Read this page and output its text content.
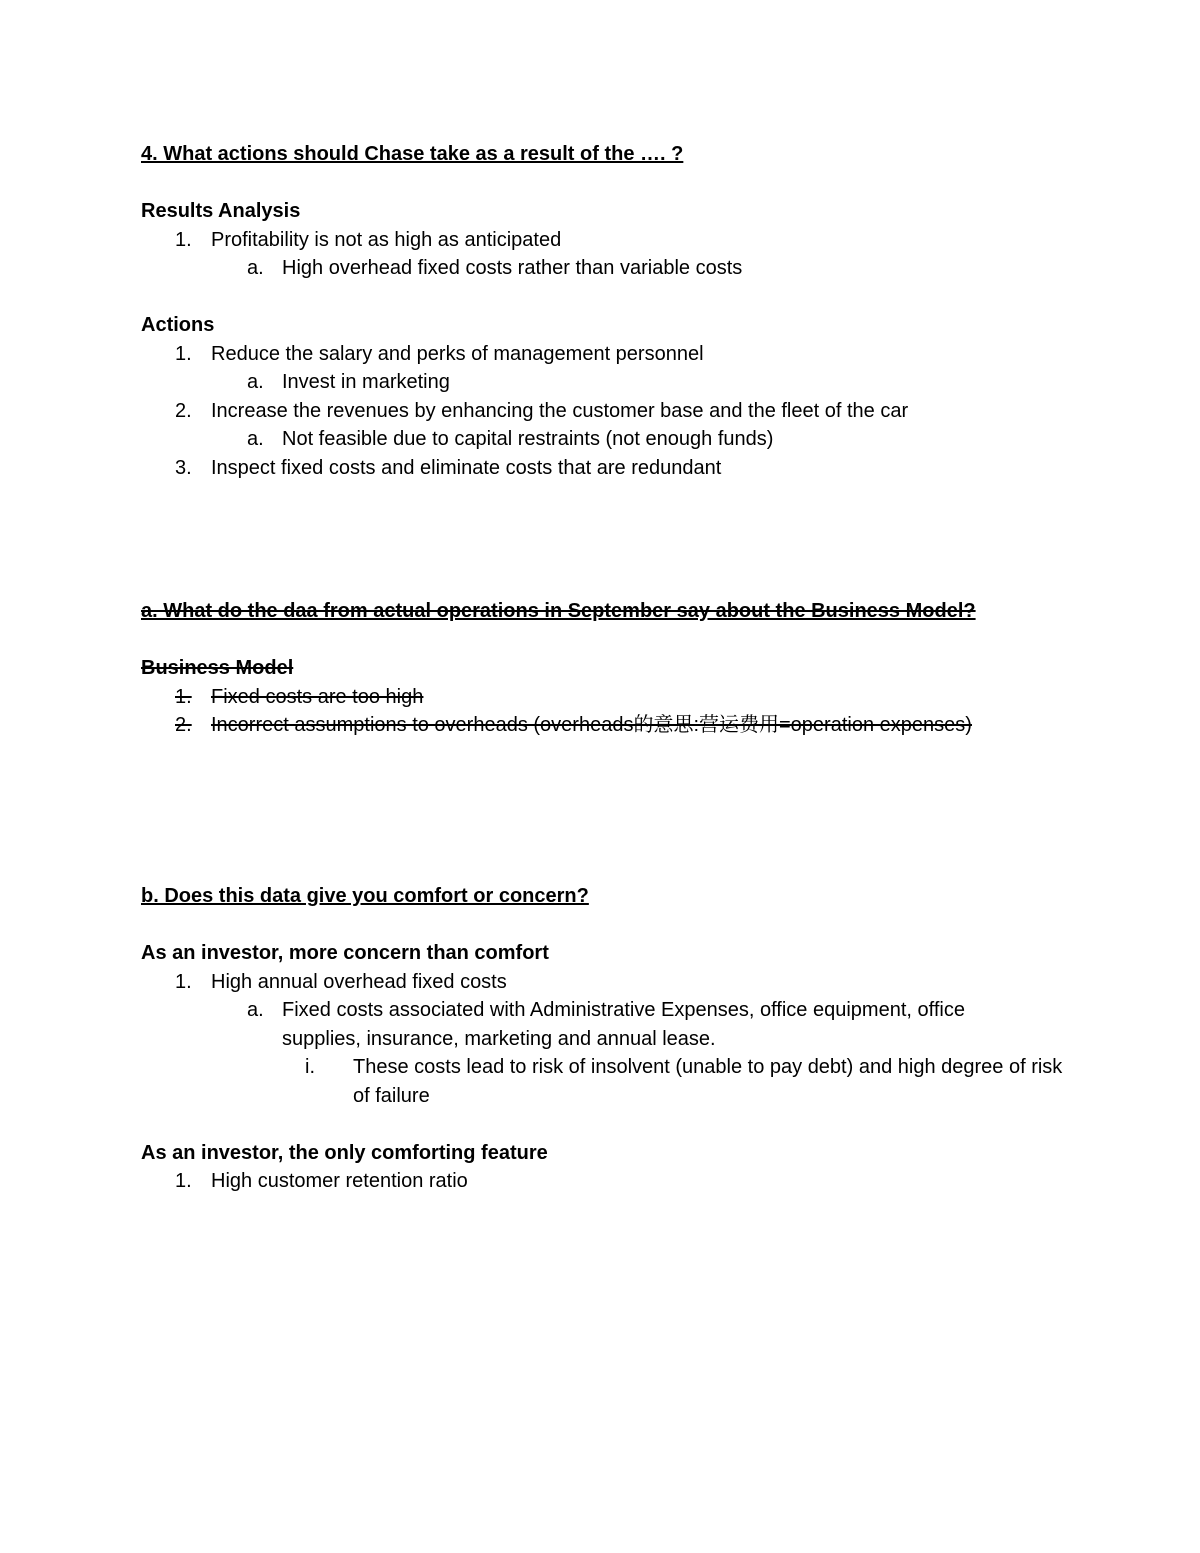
4. What actions should Chase take as a result of the …. ?
Results Analysis
1. Profitability is not as high as anticipated
a. High overhead fixed costs rather than variable costs
Actions
1. Reduce the salary and perks of management personnel
a. Invest in marketing
2. Increase the revenues by enhancing the customer base and the fleet of the car
a. Not feasible due to capital restraints (not enough funds)
3. Inspect fixed costs and eliminate costs that are redundant
a. What do the daa from actual operations in September say about the Business Model?
Business Model
1. Fixed costs are too high
2. Incorrect assumptions to overheads (overheads的意思:营运费用=operation expenses)
b. Does this data give you comfort or concern?
As an investor, more concern than comfort
1. High annual overhead fixed costs
a. Fixed costs associated with Administrative Expenses, office equipment, office supplies, insurance, marketing and annual lease.
i. These costs lead to risk of insolvent (unable to pay debt) and high degree of risk of failure
As an investor, the only comforting feature
1. High customer retention ratio
